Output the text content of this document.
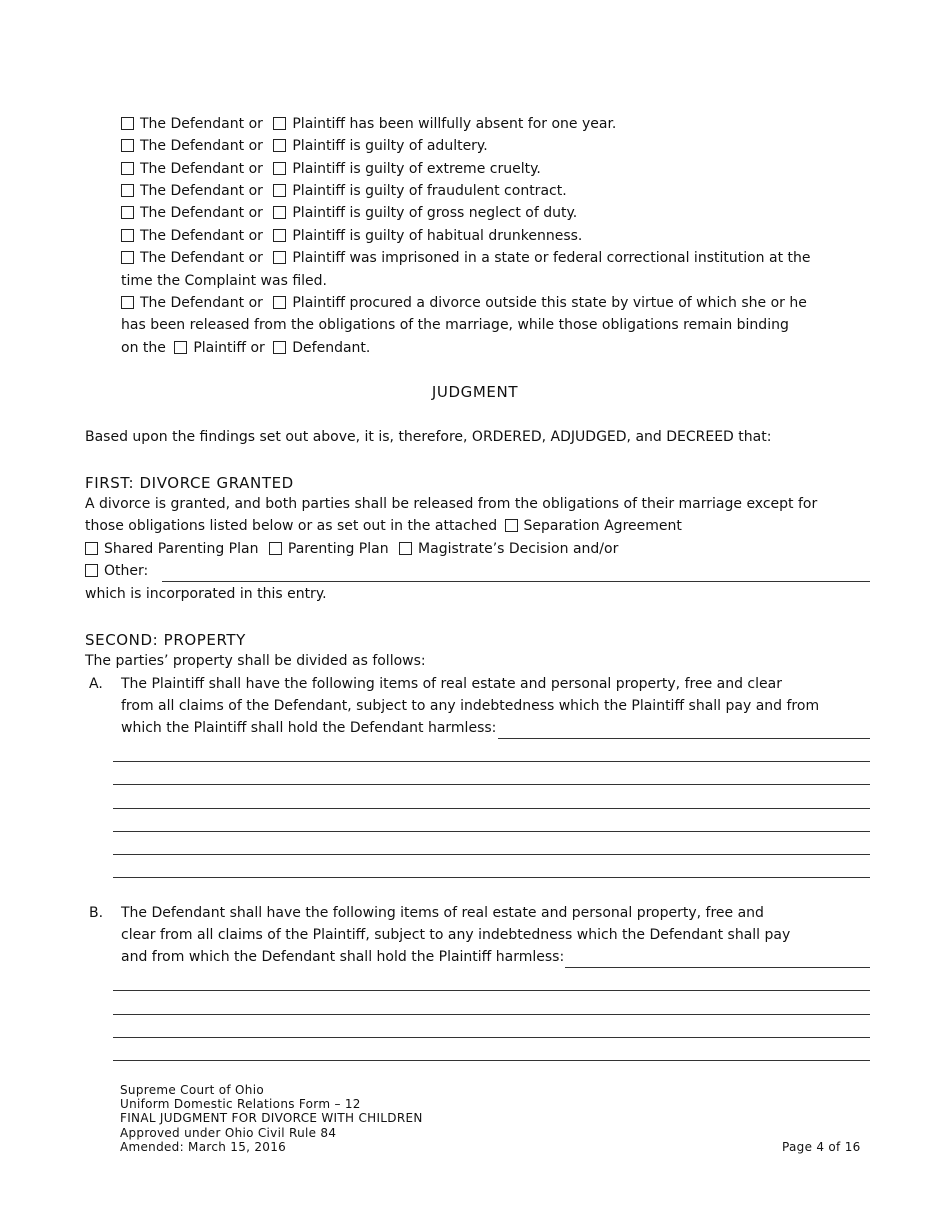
The Defendant or Plaintiff has been willfully absent for one year.
The Defendant or Plaintiff is guilty of adultery.
The Defendant or Plaintiff is guilty of extreme cruelty.
The Defendant or Plaintiff is guilty of fraudulent contract.
The Defendant or Plaintiff is guilty of gross neglect of duty.
The Defendant or Plaintiff is guilty of habitual drunkenness.
The Defendant or Plaintiff was imprisoned in a state or federal correctional institution at the
time the Complaint was filed.
The Defendant or Plaintiff procured a divorce outside this state by virtue of which she or he
has been released from the obligations of the marriage, while those obligations remain binding
on the Plaintiff or Defendant.
JUDGMENT
Based upon the findings set out above, it is, therefore, ORDERED, ADJUDGED, and DECREED that:
FIRST: DIVORCE GRANTED
A divorce is granted, and both parties shall be released from the obligations of their marriage except for
those obligations listed below or as set out in the attached Separation Agreement
Shared Parenting Plan Parenting Plan Magistrate’s Decision and/or
Other:
which is incorporated in this entry.
SECOND: PROPERTY
The parties’ property shall be divided as follows:
A. The Plaintiff shall have the following items of real estate and personal property, free and clear
from all claims of the Defendant, subject to any indebtedness which the Plaintiff shall pay and from
which the Plaintiff shall hold the Defendant harmless:
B. The Defendant shall have the following items of real estate and personal property, free and
clear from all claims of the Plaintiff, subject to any indebtedness which the Defendant shall pay
and from which the Defendant shall hold the Plaintiff harmless:
Supreme Court of Ohio
Uniform Domestic Relations Form – 12
FINAL JUDGMENT FOR DIVORCE WITH CHILDREN
Approved under Ohio Civil Rule 84
Amended: March 15, 2016	Page 4 of 16
